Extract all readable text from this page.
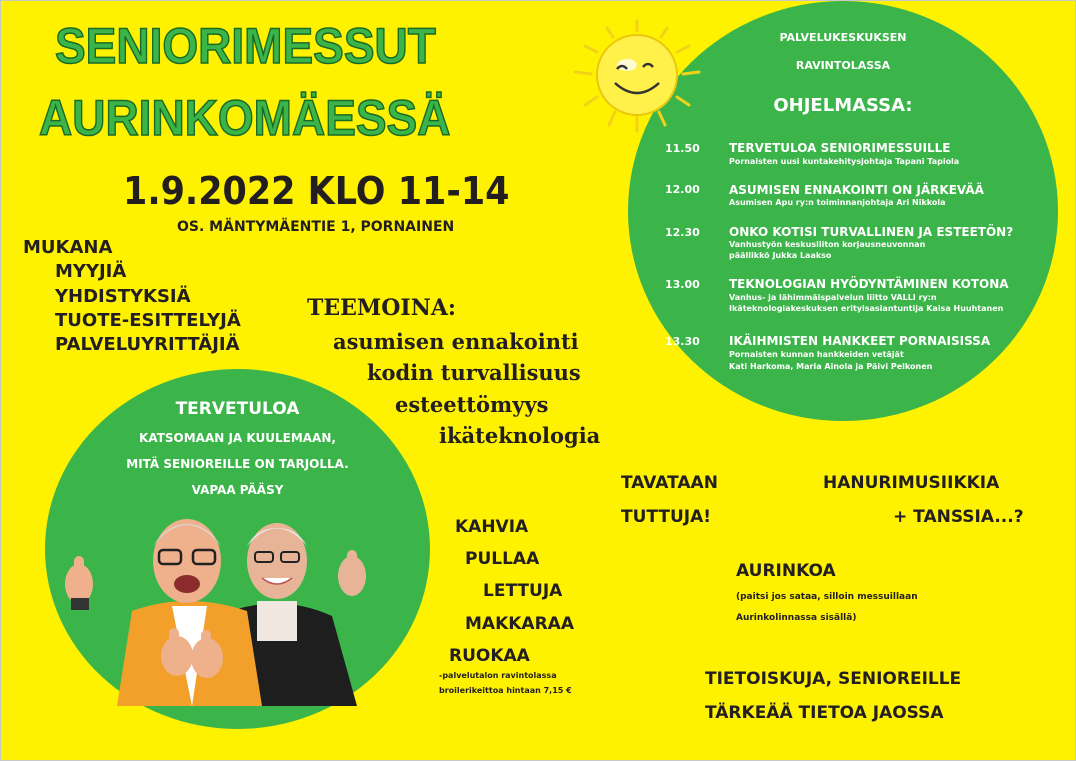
SENIORIMESSUT
AURINKOMÄESSÄ
1.9.2022 KLO 11-14
OS. MÄNTYMÄENTIE 1, PORNAINEN
MUKANA
MYYJIÄ
YHDISTYKSIÄ
TUOTE-ESITTELYJÄ
PALVELUYRITTÄJIÄ
TEEMOINA:
asumisen ennakointi
kodin turvallisuus
esteettömyys
ikäteknologia
PALVELUKESKUKSEN
RAVINTOLASSA
OHJELMASSA:
11.50 TERVETULOA SENIORIMESSUILLE
Pornaisten uusi kuntakehitysjohtaja Tapani Tapiola
12.00 ASUMISEN ENNAKOINTI ON JÄRKEVÄÄ
Asumisen Apu ry:n toiminnanjohtaja Ari Nikkola
12.30 ONKO KOTISI TURVALLINEN JA ESTEETÖN?
Vanhustyön keskusliiton korjausneuvonnan
päällikkö Jukka Laakso
13.00 TEKNOLOGIAN HYÖDYNTÄMINEN KOTONA
Vanhus- ja lähimmäispalvelun liitto VALLI ry:n
Ikäteknologiakeskuksen erityisasiantuntija Kaisa Huuhtanen
13.30 IKÄIHMISTEN HANKKEET PORNAISISSA
Pornaisten kunnan hankkeiden vetäjät
Kati Harkoma, Maria Ainola ja Päivi Pelkonen
TERVETULOA
KATSOMAAN JA KUULEMAAN,
MITÄ SENIOREILLE ON TARJOLLA.
VAPAA PÄÄSY
KAHVIA
PULLAA
LETTUJA
MAKKARAA
RUOKAA
-palvelutalon ravintolassa
broilerikeittoa hintaan 7,15 €
TAVATAAN
TUTTUJA!
HANURIMUSIIKKIA
+ TANSSIA...?
AURINKOA
(paitsi jos sataa, silloin messuillaan
Aurinkolinnassa sisällä)
TIETOISKUJA, SENIOREILLE
TÄRKEÄÄ TIETOA JAOSSA
